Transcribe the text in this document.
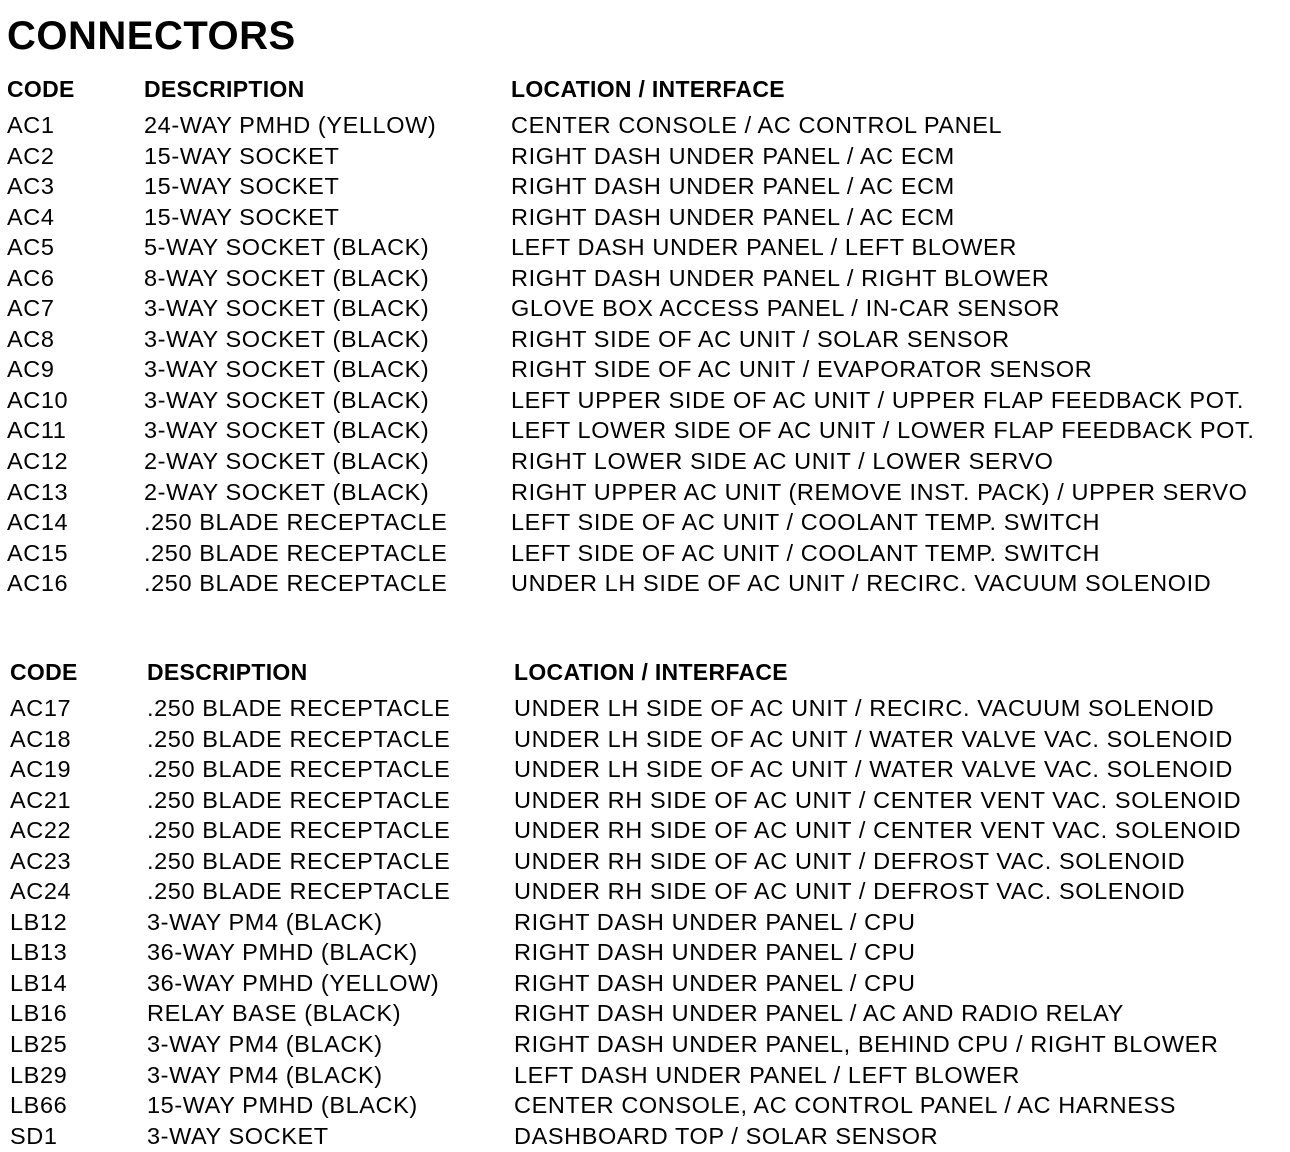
CONNECTORS
CODE	DESCRIPTION	LOCATION / INTERFACE
AC1	24-WAY PMHD (YELLOW)	CENTER CONSOLE / AC CONTROL PANEL
AC2	15-WAY SOCKET	RIGHT DASH UNDER PANEL / AC ECM
AC3	15-WAY SOCKET	RIGHT DASH UNDER PANEL / AC ECM
AC4	15-WAY SOCKET	RIGHT DASH UNDER PANEL / AC ECM
AC5	5-WAY SOCKET (BLACK)	LEFT DASH UNDER PANEL / LEFT BLOWER
AC6	8-WAY SOCKET (BLACK)	RIGHT DASH UNDER PANEL / RIGHT BLOWER
AC7	3-WAY SOCKET (BLACK)	GLOVE BOX ACCESS PANEL / IN-CAR SENSOR
AC8	3-WAY SOCKET (BLACK)	RIGHT SIDE OF AC UNIT / SOLAR SENSOR
AC9	3-WAY SOCKET (BLACK)	RIGHT SIDE OF AC UNIT / EVAPORATOR SENSOR
AC10	3-WAY SOCKET (BLACK)	LEFT UPPER SIDE OF AC UNIT / UPPER FLAP FEEDBACK POT.
AC11	3-WAY SOCKET (BLACK)	LEFT LOWER SIDE OF AC UNIT / LOWER FLAP FEEDBACK POT.
AC12	2-WAY SOCKET (BLACK)	RIGHT LOWER SIDE AC UNIT / LOWER SERVO
AC13	2-WAY SOCKET (BLACK)	RIGHT UPPER AC UNIT (REMOVE INST. PACK) / UPPER SERVO
AC14	.250 BLADE RECEPTACLE	LEFT SIDE OF AC UNIT / COOLANT TEMP. SWITCH
AC15	.250 BLADE RECEPTACLE	LEFT SIDE OF AC UNIT / COOLANT TEMP. SWITCH
AC16	.250 BLADE RECEPTACLE	UNDER LH SIDE OF AC UNIT / RECIRC. VACUUM SOLENOID
CODE	DESCRIPTION	LOCATION / INTERFACE
AC17	.250 BLADE RECEPTACLE	UNDER LH SIDE OF AC UNIT / RECIRC. VACUUM SOLENOID
AC18	.250 BLADE RECEPTACLE	UNDER LH SIDE OF AC UNIT / WATER VALVE VAC. SOLENOID
AC19	.250 BLADE RECEPTACLE	UNDER LH SIDE OF AC UNIT / WATER VALVE VAC. SOLENOID
AC21	.250 BLADE RECEPTACLE	UNDER RH SIDE OF AC UNIT / CENTER VENT VAC. SOLENOID
AC22	.250 BLADE RECEPTACLE	UNDER RH SIDE OF AC UNIT / CENTER VENT VAC. SOLENOID
AC23	.250 BLADE RECEPTACLE	UNDER RH SIDE OF AC UNIT / DEFROST VAC. SOLENOID
AC24	.250 BLADE RECEPTACLE	UNDER RH SIDE OF AC UNIT / DEFROST VAC. SOLENOID
LB12	3-WAY PM4 (BLACK)	RIGHT DASH UNDER PANEL / CPU
LB13	36-WAY PMHD (BLACK)	RIGHT DASH UNDER PANEL / CPU
LB14	36-WAY PMHD (YELLOW)	RIGHT DASH UNDER PANEL / CPU
LB16	RELAY BASE (BLACK)	RIGHT DASH UNDER PANEL / AC AND RADIO RELAY
LB25	3-WAY PM4 (BLACK)	RIGHT DASH UNDER PANEL, BEHIND CPU / RIGHT BLOWER
LB29	3-WAY PM4 (BLACK)	LEFT DASH UNDER PANEL / LEFT BLOWER
LB66	15-WAY PMHD (BLACK)	CENTER CONSOLE, AC CONTROL PANEL / AC HARNESS
SD1	3-WAY SOCKET	DASHBOARD TOP / SOLAR SENSOR
